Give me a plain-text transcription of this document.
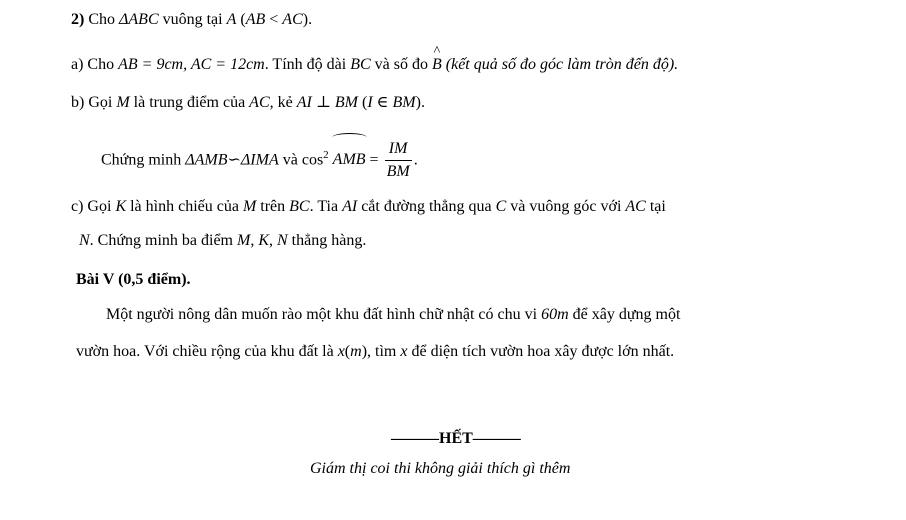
2) Cho ΔABC vuông tại A (AB < AC).
a) Cho AB = 9cm, AC = 12cm. Tính độ dài BC và số đo ^ B (kết quả số đo góc làm tròn đến độ).
b) Gọi M là trung điểm của AC, kẻ AI ⊥ BM (I ∈ BM).
Chứng minh ΔAMB∽ΔIMA và $\cos^2$ AMB = $\frac{IM}{BM}$ .
c) Gọi K là hình chiếu của M trên BC. Tia AI cắt đường thẳng qua C và vuông góc với AC tại
N. Chứng minh ba điểm M, K, N thẳng hàng.
Bài V (0,5 điểm).
Một người nông dân muốn rào một khu đất hình chữ nhật có chu vi 60m để xây dựng một
vườn hoa. Với chiều rộng của khu đất là x(m), tìm x để diện tích vườn hoa xây được lớn nhất.
———HẾT———
Giám thị coi thi không giải thích gì thêm
